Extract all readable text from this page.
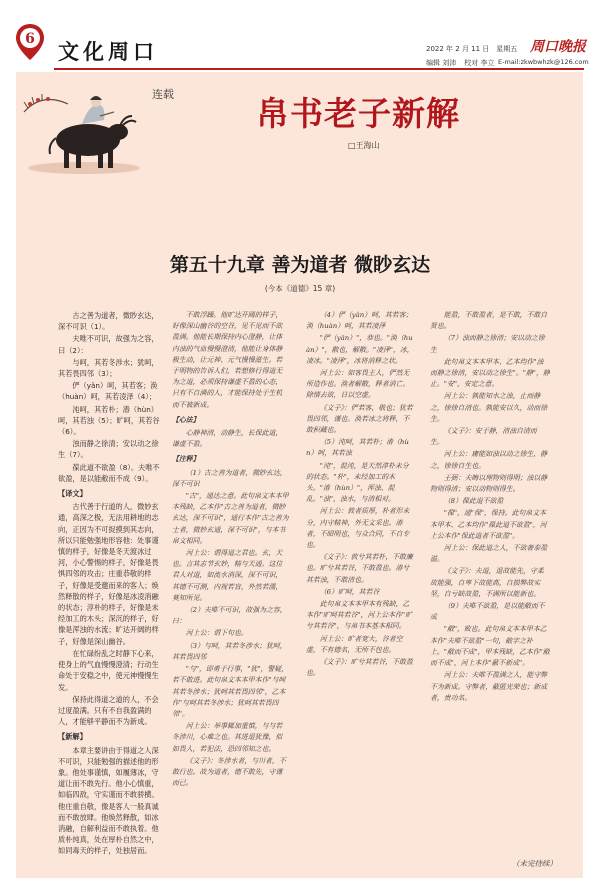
6 文化周口	2022 年 2 月 11 日　星期五
编辑 刘沛 校对 李立
周口晚报
E-mail:zkwbwhzk@126.com
连载 帛书老子新解
□王海山
第五十九章 善为道者 微眇玄达
(今本《道德》15 章)

古之善为道者，微眇玄达，深不可识（1）。

夫唯不可识，故强为之容，曰（2）：

与呵，其若冬涉水；犹呵，其若畏四邻（3）；

俨（yǎn）呵，其若客；涣（huàn）呵，其若凌泽（4）；

沌呵，其若朴；湷（hùn）呵，其若浊（5）；旷呵，其若谷（6）。

浊而静之徐清；安以动之徐生（7）。

葆此道不欲盈（8）。夫唯不欲盈，是以能敝而不成（9）。

【译文】

古代善于行道的人，微妙玄通，高深之极，无法用耕地的志向，正因为不可捉摸到其志向，所以只能勉强地形容他：处事谨慎的样子，好像是冬天渡冰过河，小心警惕的样子，好像是畏惧四邻的攻击；庄重恭敬的样子，好像是受邀而来的客人；焕然释散的样子，好像是冰凌消融的状态；淳朴的样子，好像是未经加工的木头；深沉的样子，好像是浑浊的水流；旷达开阔的样子，好像是深山幽谷。

在忙碌纷乱之时静下心来，使身上的气血慢慢澄清；行动生命处于安稳之中，使元神慢慢生发。

保持此得道之道的人，不会过度盈满。只有不自我盈满的人，才能够平静而不为新成。

【新解】

本章主要讲由于得道之人深不可识，只能勉强的描述他的形象。他处事谨慎，如履薄冰，守道让而不敢先行。他小心慎重，如临四敌，守实谨而不敢骄横。他庄重自敬，像是客人一般真诚而不敢放肆。他焕然释散，如冰消融，自解利益而不敢执着。他质朴纯真，处在厚朴自然之中，如同毒天的样子，处独居而。

不敢浮躁。他旷达开阔的样子，好像深山幽谷的空谷，见不见而不欲盈满。他能长期保持内心澄静，让体内浊的气血慢慢澄清，他能让身体静极生动，让元神、元气慢慢滋生。若于明物的告诉人们，若想修行得道无为之道，必须保持谦虚不盈的心态，只有不自满的人，才能保持处于生机而不被新成。

【心法】

心静神清，动静生，长保此道，谦虚不盈。

【注释】

（1）古之善为道者，微眇玄达，深不可识

"古"，通达之意。此句帛文本本甲本残缺，乙本作"古之善为道者，微眇玄达，深不可识"，通行本作"古之善为士者，微妙玄通，深不可识"，与本书帛文相同。

河上公：谓得道之君也。玄，天也。言其志节玄妙，精与天通。这位君人对道，如流水消深，深不可识，其德不可测，内视若盲，外然若濡，莫知所见。

（2）夫唯不可识，故强为之容，曰：

河上公：谓下句也。

（3）与呵，其若冬涉水；犹呵，其若畏四邻

"与"，即勇于行事，"犹"，警疑，若不敢进。此句帛文本本甲本作"与呵其若冬涉水；犹呵其若畏四邻"，乙本作"与呵其若冬涉水；犹呵其若畏四邻"。

河上公：举事辄加重慎，与与若冬涉川，心难之也。其进退犹豫，似如畏人，若犯法，恐四邻知之也。

《文子》：冬涉水者，与川者，不敢行也。故为道者，德不敢先，守谨而已。

（4）俨（yǎn）呵，其若客；涣（huàn）呵，其若凌泽

"俨（yǎn）"，恭也。"涣（huàn）"，散也，解散。"凌泽"，冰，凌冰。"凌泽"，冰将消释之状。

河上公：如客畏主人，俨然无所造作也。涣者解散，释者消亡。除情去欲，日以空虚。

《文子》：俨若客，敬也；犹若畏四邻，谨也。涣若冰之将释，不敢积藏也。

（5）沌呵，其若朴；湷（hùn）呵，其若浊

"沌"，混沌，是天然淳朴未分的状态。"朴"，未经加工的木头。"湷（hùn）"，浑浊、混乱。"浊"，浊水，与清相对。

河上公：敦者质厚，朴者形未分，内守精神，外无文采也。湷者，不昭明也，与众合同，不自专也。

《文子》：敦兮其若朴，不敢廉也。旷兮其若谷，不敢盈也。湷兮其若浊，不敢清也。

（6）旷呵，其若谷

此句帛文本本甲本有残缺，乙本作"旷呵其若谷"，河上公本作"旷兮其若谷"，与帛书本基本相同。

河上公：旷者宽大，谷者空虚，不有德名，无所不包也。

《文子》：旷兮其若谷，不敢盈也。

能盈，不敢盈者，是不敢，不敢自贤也。

（7）浊而静之徐清；安以动之徐生

此句帛文本本甲本、乙本均作"浊而静之徐清，安以动之徐生"。"静"，静止。"安"，安定之意。

河上公：孰能知水之浊，止而静之，徐徐自清也。孰能安以久，动而徐生。

《文子》：安于静，清浊自清而生。

河上公：庸能如浊以动之徐生，静之，徐徐自生也。

王弼：夫晦以理物则得明；浊以静物则得清；安以动物则得生。

（8）葆此道不欲盈

"葆"，通"保"，保持。此句帛文本本甲本、乙本均作"葆此道不欲盈"，河上公本作"保此道者不欲盈"。

河上公：保此道之人，不欲奢泰盈溢。

《文子》：夫道，退故能先，守柔故能强，自卑下故能高，自损弊故实坚，自亏缺故盈，不满所以能新也。

（9）夫唯不欲盈，是以能敝而不成

"敝"，败也。此句帛文本本甲本乙本作"夫唯不欲盈"一句，敝字之补上。"敝而不成"，甲本残缺，乙本作"敝而不成"，河上本作"蔽不新成"。

河上公：夫唯不盈满之人，能守弊不为新成。守弊者，蔽匿光荣也；新成者，贵功名。

（未完待续）
